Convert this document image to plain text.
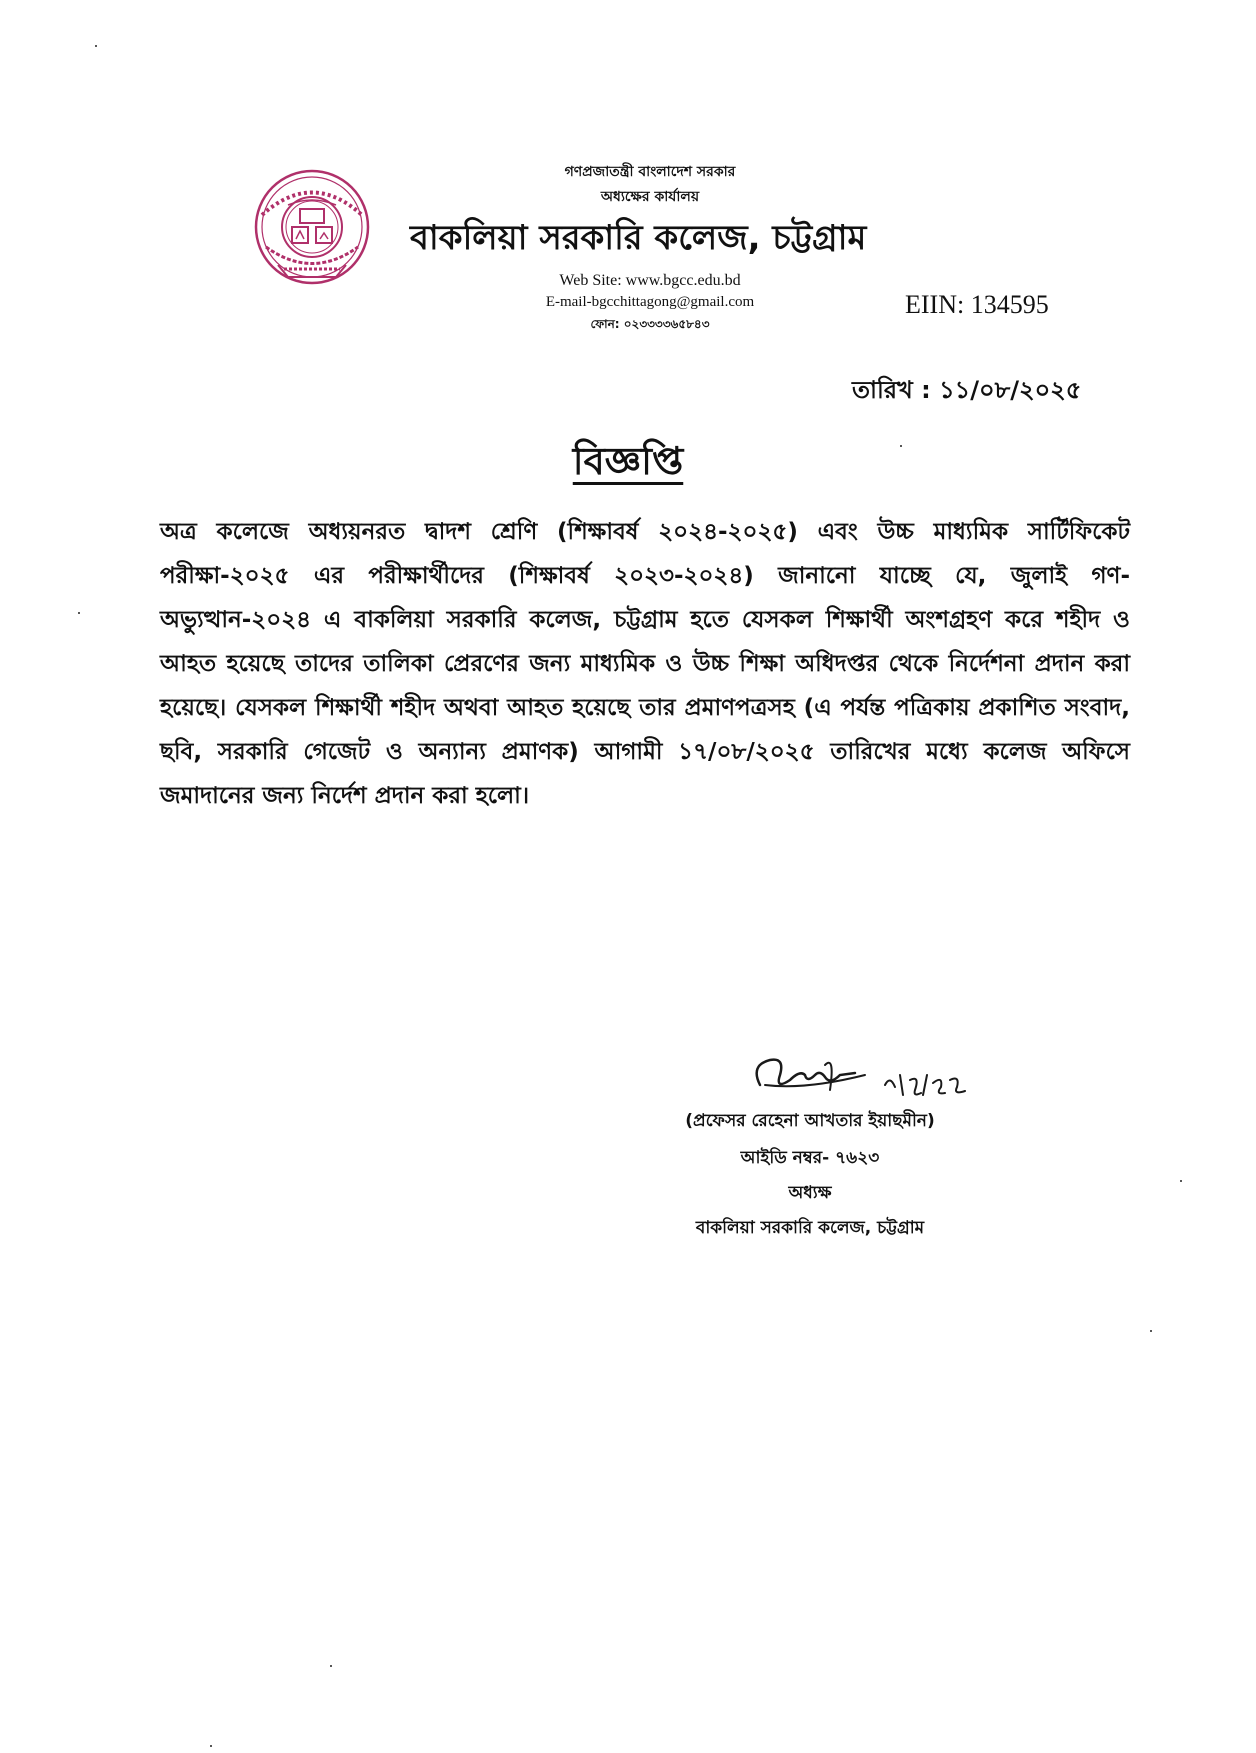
গণপ্রজাতন্ত্রী বাংলাদেশ সরকার
অধ্যক্ষের কার্যালয়
বাকলিয়া সরকারি কলেজ, চট্টগ্রাম
Web Site: www.bgcc.edu.bd
E-mail-bgcchittagong@gmail.com
ফোন: ০২৩৩৩৩৬৫৮৪৩
EIIN: 134595
তারিখ : ১১/০৮/২০২৫
বিজ্ঞপ্তি
অত্র কলেজে অধ্যয়নরত দ্বাদশ শ্রেণি (শিক্ষাবর্ষ ২০২৪-২০২৫) এবং উচ্চ মাধ্যমিক সার্টিফিকেট পরীক্ষা-২০২৫ এর পরীক্ষার্থীদের (শিক্ষাবর্ষ ২০২৩-২০২৪) জানানো যাচ্ছে যে, জুলাই গণ-অভ্যুত্থান-২০২৪ এ বাকলিয়া সরকারি কলেজ, চট্টগ্রাম হতে যেসকল শিক্ষার্থী অংশগ্রহণ করে শহীদ ও আহত হয়েছে তাদের তালিকা প্রেরণের জন্য মাধ্যমিক ও উচ্চ শিক্ষা অধিদপ্তর থেকে নির্দেশনা প্রদান করা হয়েছে। যেসকল শিক্ষার্থী শহীদ অথবা আহত হয়েছে তার প্রমাণপত্রসহ (এ পর্যন্ত পত্রিকায় প্রকাশিত সংবাদ, ছবি, সরকারি গেজেট ও অন্যান্য প্রমাণক) আগামী ১৭/০৮/২০২৫ তারিখের মধ্যে কলেজ অফিসে জমাদানের জন্য নির্দেশ প্রদান করা হলো।
(প্রফেসর রেহেনা আখতার ইয়াছমীন)
আইডি নম্বর- ৭৬২৩
অধ্যক্ষ
বাকলিয়া সরকারি কলেজ, চট্টগ্রাম
